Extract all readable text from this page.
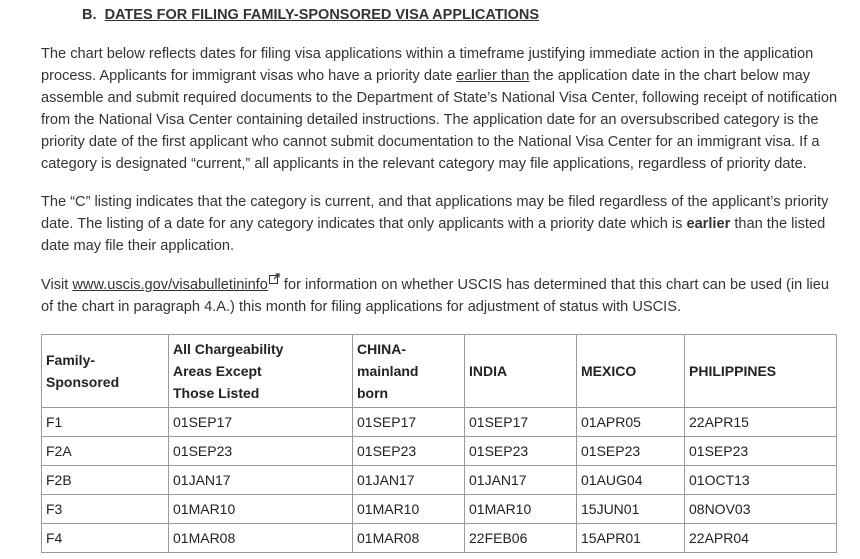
B. DATES FOR FILING FAMILY-SPONSORED VISA APPLICATIONS

The chart below reflects dates for filing visa applications within a timeframe justifying immediate action in the application process. Applicants for immigrant visas who have a priority date earlier than the application date in the chart below may assemble and submit required documents to the Department of State’s National Visa Center, following receipt of notification from the National Visa Center containing detailed instructions. The application date for an oversubscribed category is the priority date of the first applicant who cannot submit documentation to the National Visa Center for an immigrant visa. If a category is designated “current,” all applicants in the relevant category may file applications, regardless of priority date.

The “C” listing indicates that the category is current, and that applications may be filed regardless of the applicant’s priority date. The listing of a date for any category indicates that only applicants with a priority date which is earlier than the listed date may file their application.

Visit www.uscis.gov/visabulletininfo for information on whether USCIS has determined that this chart can be used (in lieu of the chart in paragraph 4.A.) this month for filing applications for adjustment of status with USCIS.

Family-
Sponsored	All Chargeability
Areas Except
Those Listed	CHINA-
mainland
born	INDIA	MEXICO	PHILIPPINES
F1	01SEP17	01SEP17	01SEP17	01APR05	22APR15
F2A	01SEP23	01SEP23	01SEP23	01SEP23	01SEP23
F2B	01JAN17	01JAN17	01JAN17	01AUG04	01OCT13
F3	01MAR10	01MAR10	01MAR10	15JUN01	08NOV03
F4	01MAR08	01MAR08	22FEB06	15APR01	22APR04
